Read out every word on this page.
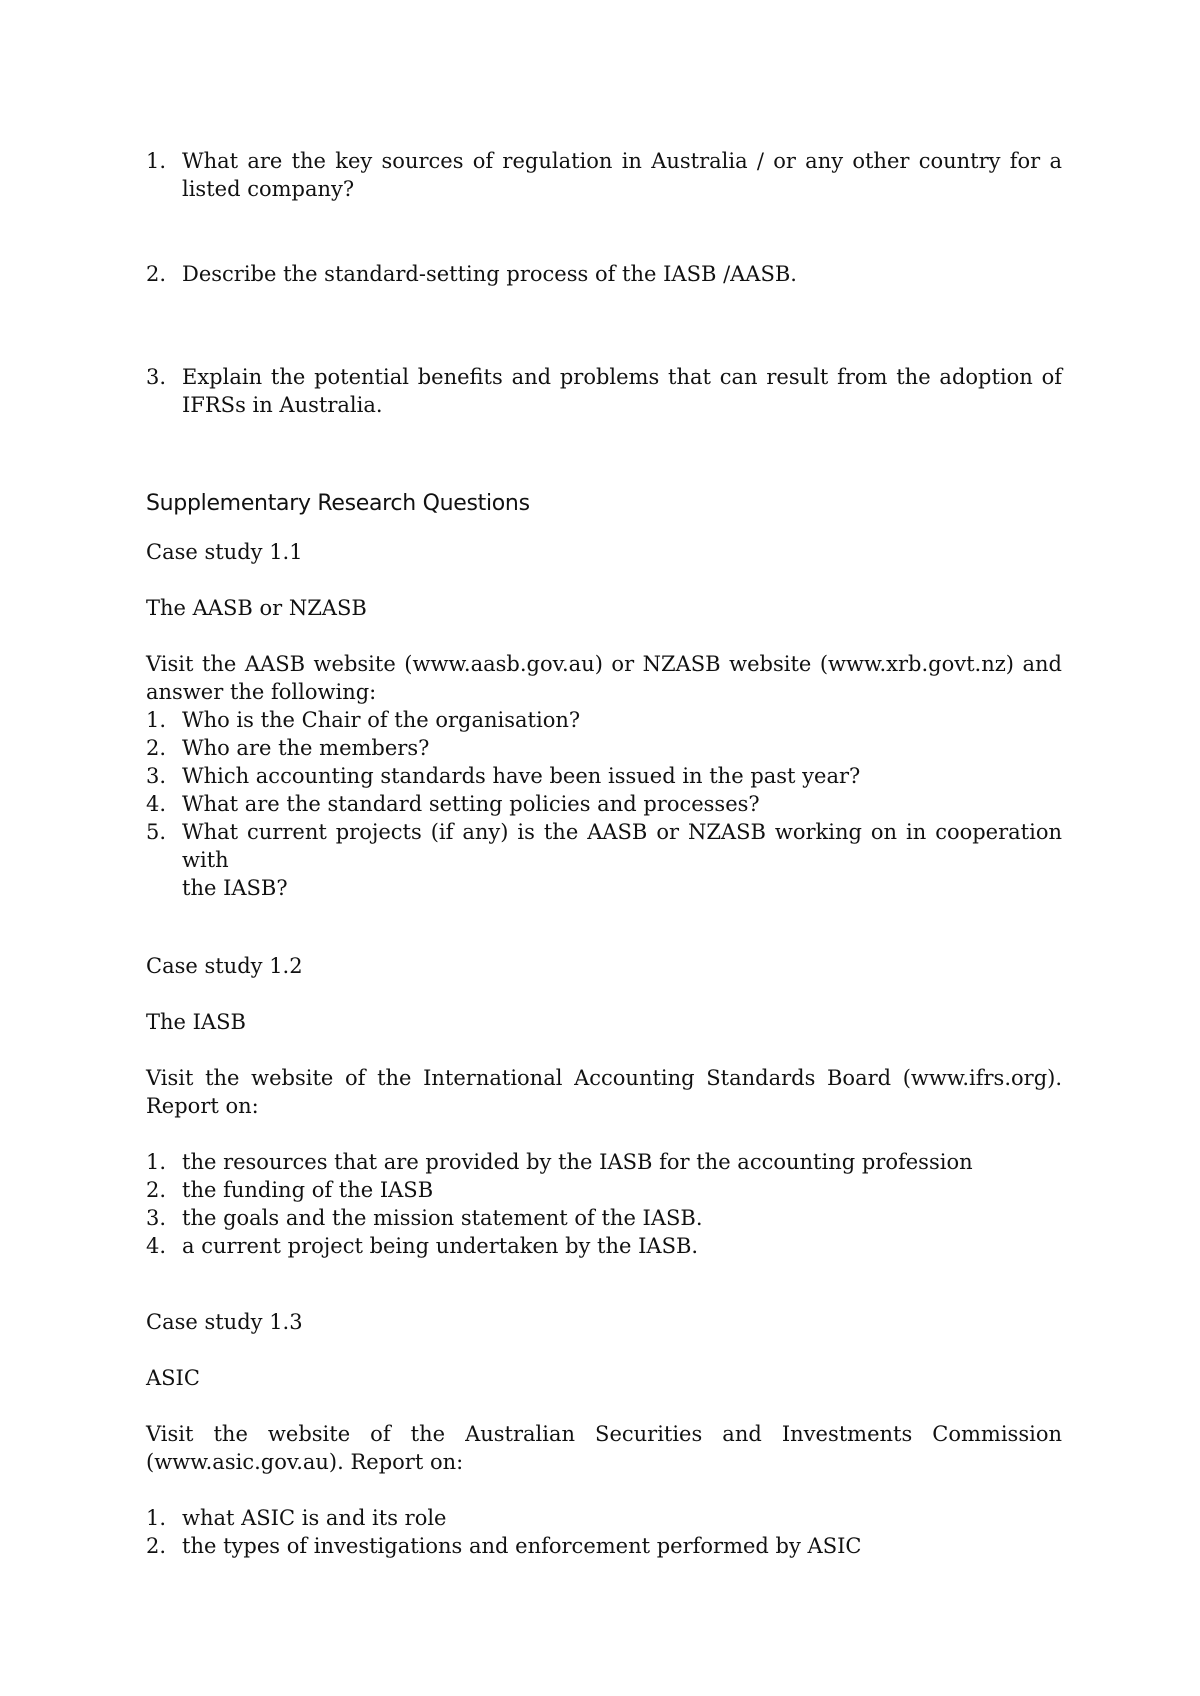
1. What are the key sources of regulation in Australia / or any other country for a listed company?
2. Describe the standard-setting process of the IASB /AASB.
3. Explain the potential benefits and problems that can result from the adoption of IFRSs in Australia.
Supplementary Research Questions
Case study 1.1
The AASB or NZASB
Visit the AASB website (www.aasb.gov.au) or NZASB website (www.xrb.govt.nz) and answer the following:
1. Who is the Chair of the organisation?
2. Who are the members?
3. Which accounting standards have been issued in the past year?
4. What are the standard setting policies and processes?
5. What current projects (if any) is the AASB or NZASB working on in cooperation with
the IASB?
Case study 1.2
The IASB
Visit the website of the International Accounting Standards Board (www.ifrs.org). Report on:
1. the resources that are provided by the IASB for the accounting profession
2. the funding of the IASB
3. the goals and the mission statement of the IASB.
4. a current project being undertaken by the IASB.
Case study 1.3
ASIC
Visit the website of the Australian Securities and Investments Commission (www.asic.gov.au). Report on:
1. what ASIC is and its role
2. the types of investigations and enforcement performed by ASIC
